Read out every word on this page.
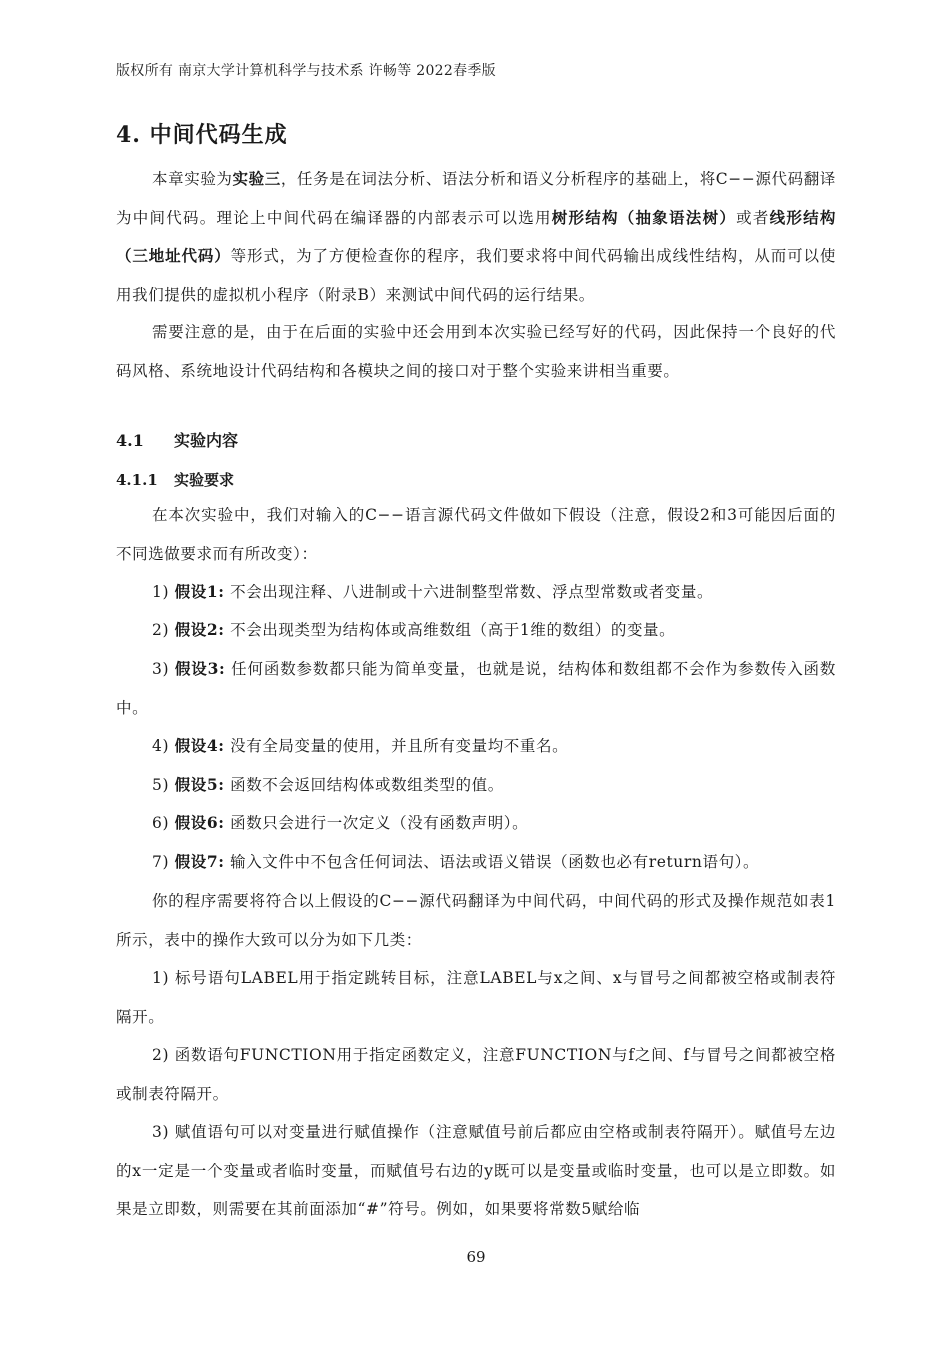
版权所有 南京大学计算机科学与技术系 许畅等 2022春季版
4. 中间代码生成
本章实验为实验三，任务是在词法分析、语法分析和语义分析程序的基础上，将C−−源代码翻译为中间代码。理论上中间代码在编译器的内部表示可以选用树形结构（抽象语法树）或者线形结构（三地址代码）等形式，为了方便检查你的程序，我们要求将中间代码输出成线性结构，从而可以使用我们提供的虚拟机小程序（附录B）来测试中间代码的运行结果。
需要注意的是，由于在后面的实验中还会用到本次实验已经写好的代码，因此保持一个良好的代码风格、系统地设计代码结构和各模块之间的接口对于整个实验来讲相当重要。
4.1 实验内容
4.1.1 实验要求
在本次实验中，我们对输入的C−−语言源代码文件做如下假设（注意，假设2和3可能因后面的不同选做要求而有所改变）：
1) 假设1: 不会出现注释、八进制或十六进制整型常数、浮点型常数或者变量。
2) 假设2: 不会出现类型为结构体或高维数组（高于1维的数组）的变量。
3) 假设3: 任何函数参数都只能为简单变量，也就是说，结构体和数组都不会作为参数传入函数中。
4) 假设4: 没有全局变量的使用，并且所有变量均不重名。
5) 假设5: 函数不会返回结构体或数组类型的值。
6) 假设6: 函数只会进行一次定义（没有函数声明）。
7) 假设7: 输入文件中不包含任何词法、语法或语义错误（函数也必有return语句）。
你的程序需要将符合以上假设的C−−源代码翻译为中间代码，中间代码的形式及操作规范如表1所示，表中的操作大致可以分为如下几类：
1) 标号语句LABEL用于指定跳转目标，注意LABEL与x之间、x与冒号之间都被空格或制表符隔开。
2) 函数语句FUNCTION用于指定函数定义，注意FUNCTION与f之间、f与冒号之间都被空格或制表符隔开。
3) 赋值语句可以对变量进行赋值操作（注意赋值号前后都应由空格或制表符隔开）。赋值号左边的x一定是一个变量或者临时变量，而赋值号右边的y既可以是变量或临时变量，也可以是立即数。如果是立即数，则需要在其前面添加“#”符号。例如，如果要将常数5赋给临
69
